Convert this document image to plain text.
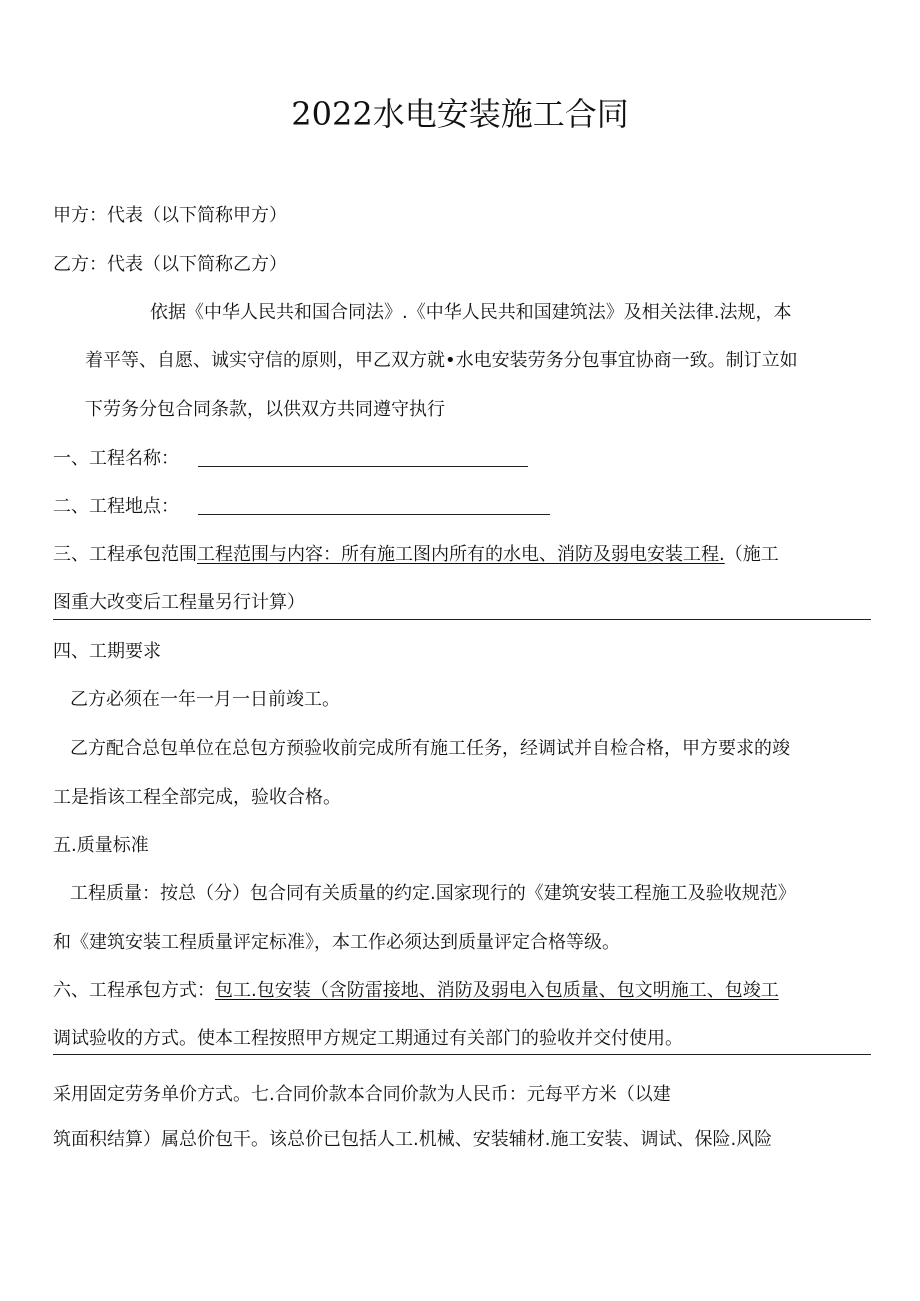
2022水电安装施工合同
甲方：代表（以下简称甲方）
乙方：代表（以下简称乙方）
依据《中华人民共和国合同法》.《中华人民共和国建筑法》及相关法律.法规，本
着平等、自愿、诚实守信的原则，甲乙双方就•水电安装劳务分包事宜协商一致。制订立如
下劳务分包合同条款，以供双方共同遵守执行
一、工程名称：
二、工程地点：
三、工程承包范围工程范围与内容：所有施工图内所有的水电、消防及弱电安装工程.（施工
图重大改变后工程量另行计算）
四、工期要求
乙方必须在一年一月一日前竣工。
乙方配合总包单位在总包方预验收前完成所有施工任务，经调试并自检合格，甲方要求的竣
工是指该工程全部完成，验收合格。
五.质量标准
工程质量：按总（分）包合同有关质量的约定.国家现行的《建筑安装工程施工及验收规范》
和《建筑安装工程质量评定标准》，本工作必须达到质量评定合格等级。
六、工程承包方式：包工.包安装（含防雷接地、消防及弱电入包质量、包文明施工、包竣工
调试验收的方式。使本工程按照甲方规定工期通过有关部门的验收并交付使用。
采用固定劳务单价方式。七.合同价款本合同价款为人民币：元每平方米（以建
筑面积结算）属总价包干。该总价已包括人工.机械、安装辅材.施工安装、调试、保险.风险
